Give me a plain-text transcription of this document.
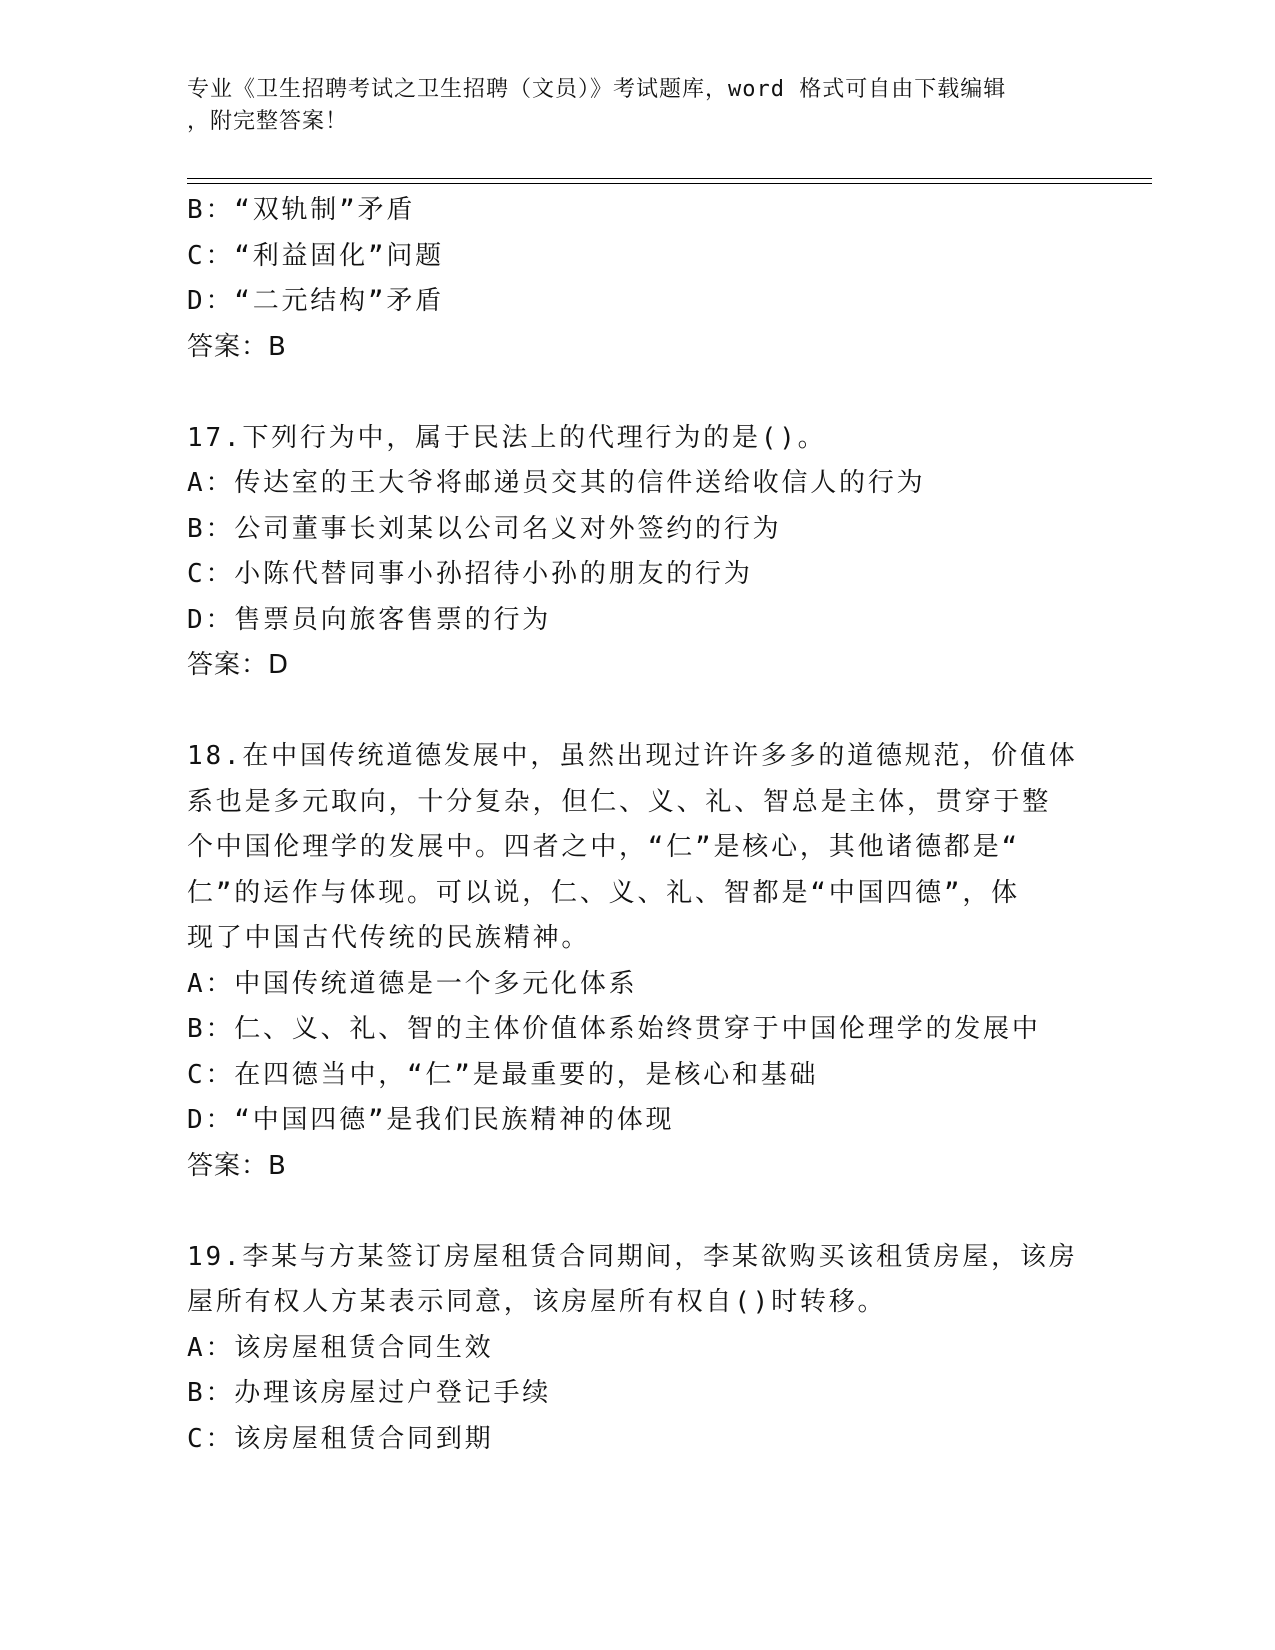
专业《卫生招聘考试之卫生招聘（文员）》考试题库，word 格式可自由下载编辑
，附完整答案！
B：“双轨制”矛盾
C：“利益固化”问题
D：“二元结构”矛盾
答案：B
17.下列行为中，属于民法上的代理行为的是()。
A：传达室的王大爷将邮递员交其的信件送给收信人的行为
B：公司董事长刘某以公司名义对外签约的行为
C：小陈代替同事小孙招待小孙的朋友的行为
D：售票员向旅客售票的行为
答案：D
18.在中国传统道德发展中，虽然出现过许许多多的道德规范，价值体
系也是多元取向，十分复杂，但仁、义、礼、智总是主体，贯穿于整
个中国伦理学的发展中。四者之中，“仁”是核心，其他诸德都是“
仁”的运作与体现。可以说，仁、义、礼、智都是“中国四德”，体
现了中国古代传统的民族精神。
A：中国传统道德是一个多元化体系
B：仁、义、礼、智的主体价值体系始终贯穿于中国伦理学的发展中
C：在四德当中，“仁”是最重要的，是核心和基础
D：“中国四德”是我们民族精神的体现
答案：B
19.李某与方某签订房屋租赁合同期间，李某欲购买该租赁房屋，该房
屋所有权人方某表示同意，该房屋所有权自()时转移。
A：该房屋租赁合同生效
B：办理该房屋过户登记手续
C：该房屋租赁合同到期
